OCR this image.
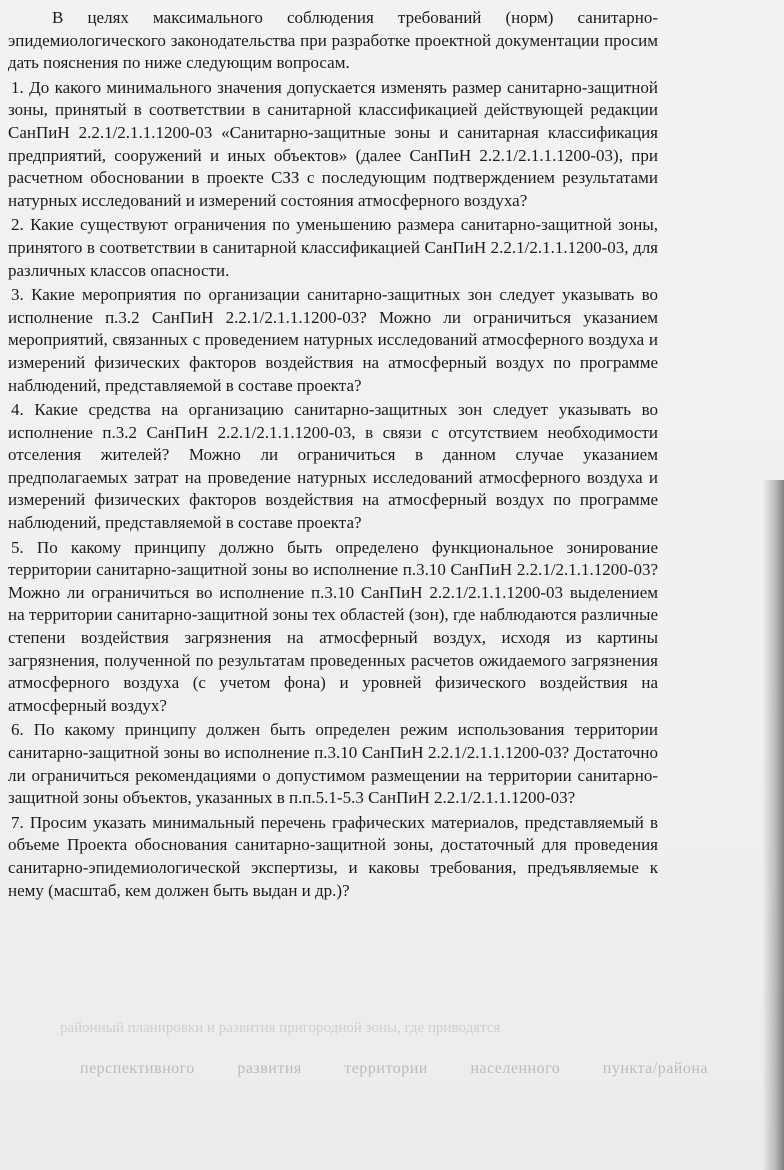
районный планировки и развития пригородной зоны, где приводятся
перспективного развития территории населенного пункта/района

В целях максимального соблюдения требований (норм) санитарно-эпидемиологического законодательства при разработке проектной документации просим дать пояснения по ниже следующим вопросам.

1. До какого минимального значения допускается изменять размер санитарно-защитной зоны, принятый в соответствии в санитарной классификацией действующей редакции СанПиН 2.2.1/2.1.1.1200-03 «Санитарно-защитные зоны и санитарная классификация предприятий, сооружений и иных объектов» (далее СанПиН 2.2.1/2.1.1.1200-03), при расчетном обосновании в проекте СЗЗ с последующим подтверждением результатами натурных исследований и измерений состояния атмосферного воздуха?

2. Какие существуют ограничения по уменьшению размера санитарно-защитной зоны, принятого в соответствии в санитарной классификацией СанПиН 2.2.1/2.1.1.1200-03, для различных классов опасности.

3. Какие мероприятия по организации санитарно-защитных зон следует указывать во исполнение п.3.2 СанПиН 2.2.1/2.1.1.1200-03? Можно ли ограничиться указанием мероприятий, связанных с проведением натурных исследований атмосферного воздуха и измерений физических факторов воздействия на атмосферный воздух по программе наблюдений, представляемой в составе проекта?

4. Какие средства на организацию санитарно-защитных зон следует указывать во исполнение п.3.2 СанПиН 2.2.1/2.1.1.1200-03, в связи с отсутствием необходимости отселения жителей? Можно ли ограничиться в данном случае указанием предполагаемых затрат на проведение натурных исследований атмосферного воздуха и измерений физических факторов воздействия на атмосферный воздух по программе наблюдений, представляемой в составе проекта?

5. По какому принципу должно быть определено функциональное зонирование территории санитарно-защитной зоны во исполнение п.3.10 СанПиН 2.2.1/2.1.1.1200-03? Можно ли ограничиться во исполнение п.3.10 СанПиН 2.2.1/2.1.1.1200-03 выделением на территории санитарно-защитной зоны тех областей (зон), где наблюдаются различные степени воздействия загрязнения на атмосферный воздух, исходя из картины загрязнения, полученной по результатам проведенных расчетов ожидаемого загрязнения атмосферного воздуха (с учетом фона) и уровней физического воздействия на атмосферный воздух?

6. По какому принципу должен быть определен режим использования территории санитарно-защитной зоны во исполнение п.3.10 СанПиН 2.2.1/2.1.1.1200-03? Достаточно ли ограничиться рекомендациями о допустимом размещении на территории санитарно-защитной зоны объектов, указанных в п.п.5.1-5.3 СанПиН 2.2.1/2.1.1.1200-03?

7. Просим указать минимальный перечень графических материалов, представляемый в объеме Проекта обоснования санитарно-защитной зоны, достаточный для проведения санитарно-эпидемиологической экспертизы, и каковы требования, предъявляемые к нему (масштаб, кем должен быть выдан и др.)?
